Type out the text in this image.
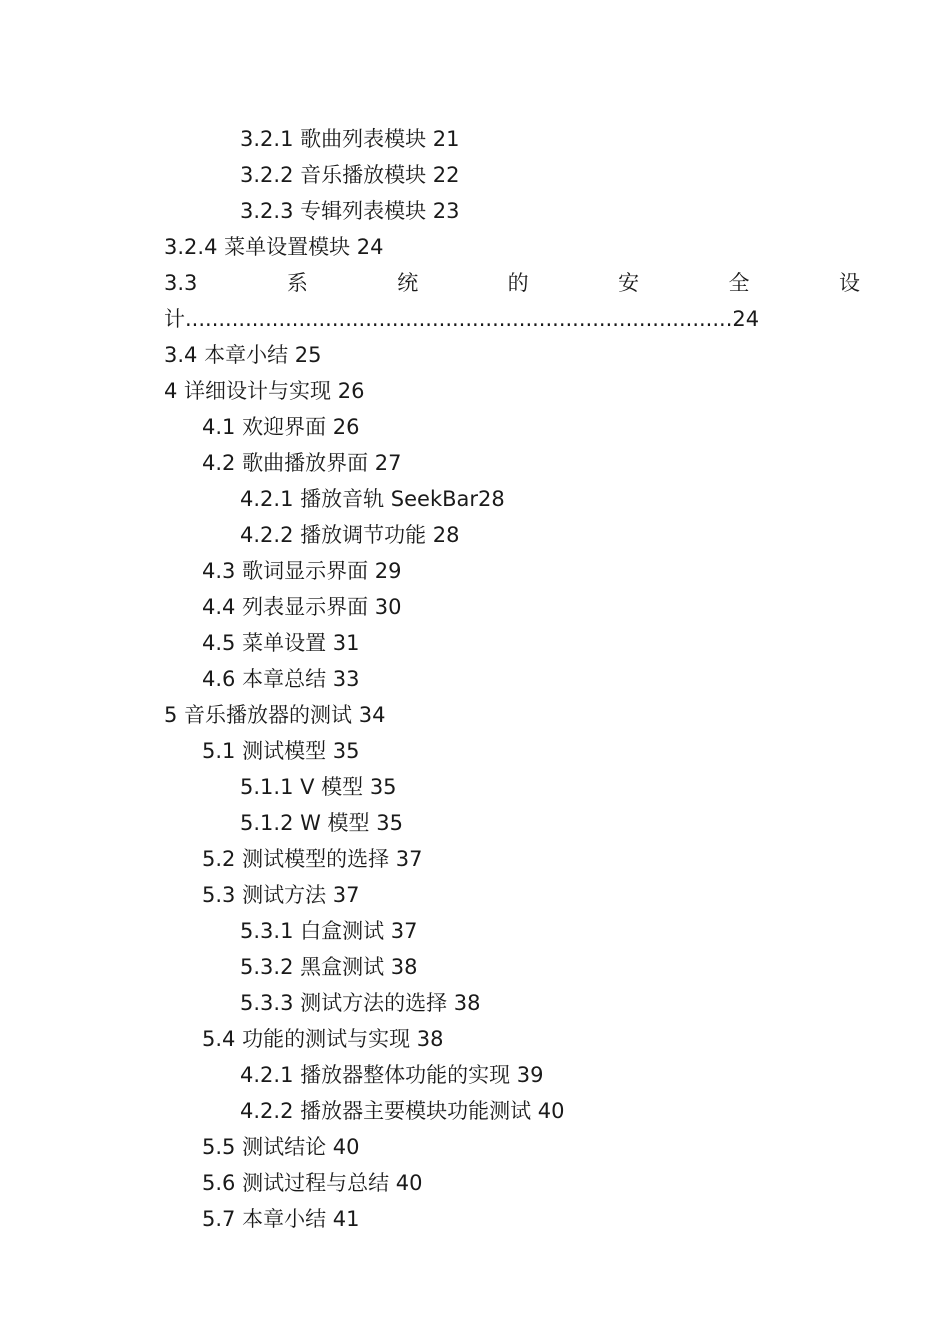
3.2.1 歌曲列表模块 21
3.2.2 音乐播放模块 22
3.2.3 专辑列表模块 23
3.2.4 菜单设置模块 24
3.3	系	统	的	安	全	设
计..................................................................................24
3.4 本章小结 25
4 详细设计与实现 26
4.1 欢迎界面 26
4.2 歌曲播放界面 27
4.2.1 播放音轨 SeekBar28
4.2.2 播放调节功能 28
4.3 歌词显示界面 29
4.4 列表显示界面 30
4.5 菜单设置 31
4.6 本章总结 33
5 音乐播放器的测试 34
5.1 测试模型 35
5.1.1 V 模型 35
5.1.2 W 模型 35
5.2 测试模型的选择 37
5.3 测试方法 37
5.3.1 白盒测试 37
5.3.2 黑盒测试 38
5.3.3 测试方法的选择 38
5.4 功能的测试与实现 38
4.2.1 播放器整体功能的实现 39
4.2.2 播放器主要模块功能测试 40
5.5 测试结论 40
5.6 测试过程与总结 40
5.7 本章小结 41
